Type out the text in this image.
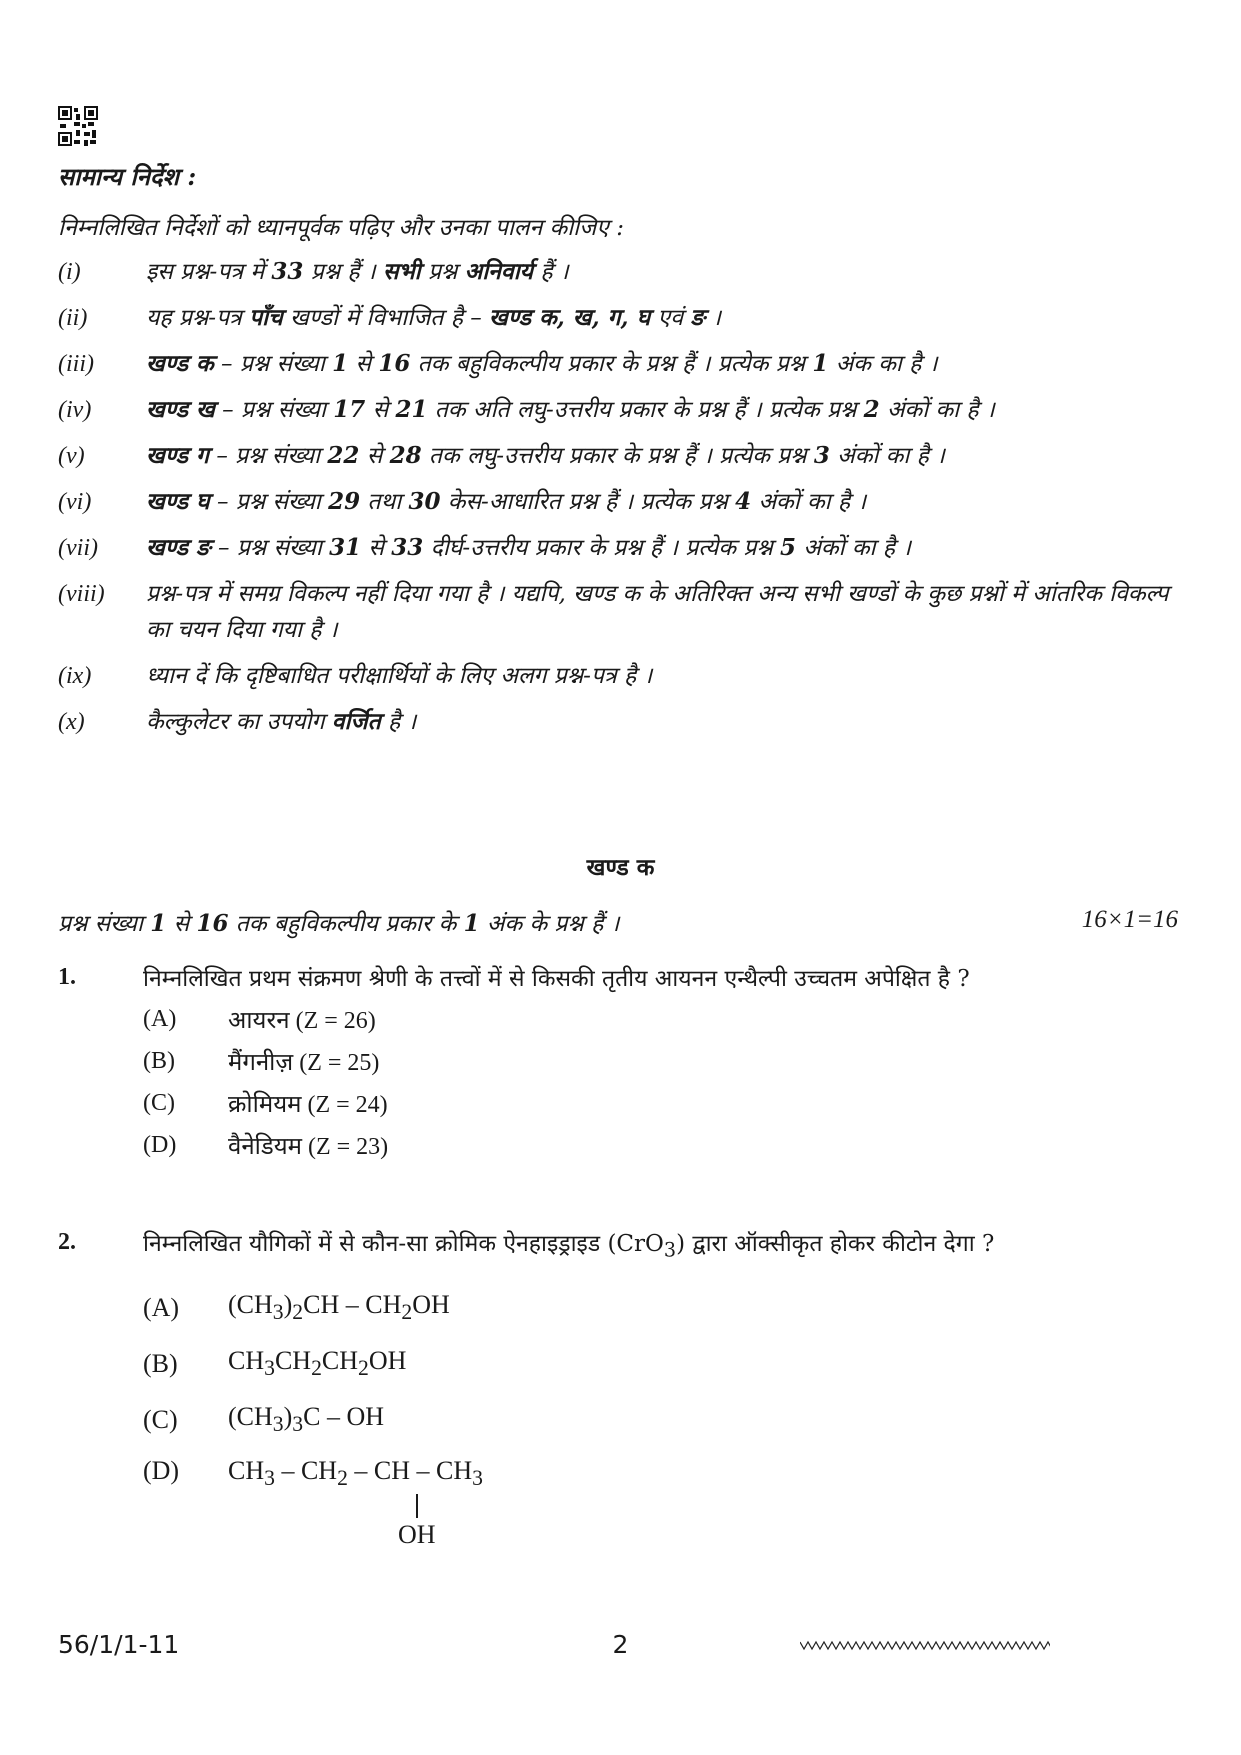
सामान्य निर्देश :
निम्नलिखित निर्देशों को ध्यानपूर्वक पढ़िए और उनका पालन कीजिए :
(i)	इस प्रश्न-पत्र में 33 प्रश्न हैं । सभी प्रश्न अनिवार्य हैं ।
(ii)	यह प्रश्न-पत्र पाँच खण्डों में विभाजित है – खण्ड क, ख, ग, घ एवं ङ ।
(iii)	खण्ड क – प्रश्न संख्या 1 से 16 तक बहुविकल्पीय प्रकार के प्रश्न हैं । प्रत्येक प्रश्न 1 अंक का है ।
(iv)	खण्ड ख – प्रश्न संख्या 17 से 21 तक अति लघु-उत्तरीय प्रकार के प्रश्न हैं । प्रत्येक प्रश्न 2 अंकों का है ।
(v)	खण्ड ग – प्रश्न संख्या 22 से 28 तक लघु-उत्तरीय प्रकार के प्रश्न हैं । प्रत्येक प्रश्न 3 अंकों का है ।
(vi)	खण्ड घ – प्रश्न संख्या 29 तथा 30 केस-आधारित प्रश्न हैं । प्रत्येक प्रश्न 4 अंकों का है ।
(vii)	खण्ड ङ – प्रश्न संख्या 31 से 33 दीर्घ-उत्तरीय प्रकार के प्रश्न हैं । प्रत्येक प्रश्न 5 अंकों का है ।
(viii)	प्रश्न-पत्र में समग्र विकल्प नहीं दिया गया है । यद्यपि, खण्ड क के अतिरिक्त अन्य सभी खण्डों के कुछ प्रश्नों में आंतरिक विकल्प का चयन दिया गया है ।
(ix)	ध्यान दें कि दृष्टिबाधित परीक्षार्थियों के लिए अलग प्रश्न-पत्र है ।
(x)	कैल्कुलेटर का उपयोग वर्जित है ।
खण्ड क
प्रश्न संख्या 1 से 16 तक बहुविकल्पीय प्रकार के 1 अंक के प्रश्न हैं ।	16×1=16
1.	निम्नलिखित प्रथम संक्रमण श्रेणी के तत्त्वों में से किसकी तृतीय आयनन एन्थैल्पी उच्चतम अपेक्षित है ?
(A)	आयरन (Z = 26)
(B)	मैंगनीज़ (Z = 25)
(C)	क्रोमियम (Z = 24)
(D)	वैनेडियम (Z = 23)
2.	निम्नलिखित यौगिकों में से कौन-सा क्रोमिक ऐनहाइड्राइड (CrO$_3$) द्वारा ऑक्सीकृत होकर कीटोन देगा ?
(A)	$(CH_3)_2CH - CH_2OH$
(B)	$CH_3CH_2CH_2OH$
(C)	$(CH_3)_3C$ – OH
(D)	$CH_3 - CH_2$ – CH – $CH_3$
OH
56/1/1-11	2
